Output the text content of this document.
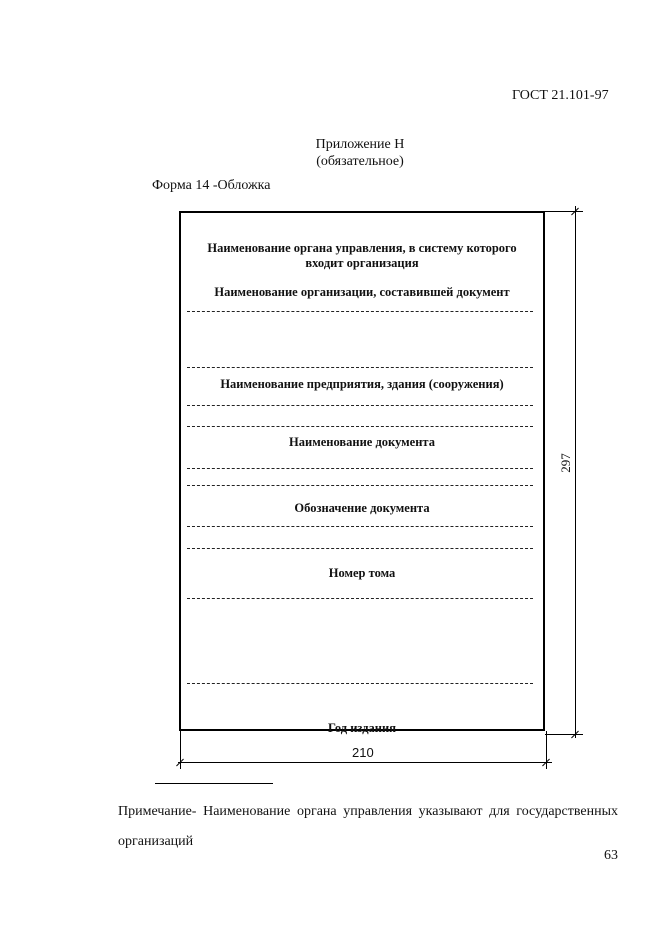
ГОСТ 21.101-97
Приложение Н
(обязательное)
Форма 14 -Обложка
Наименование органа управления, в систему которого входит организация
Наименование организации, составившей документ
Наименование предприятия, здания (сооружения)
Наименование документа
Обозначение документа
Номер тома
Год издания
297
210
Примечание- Наименование органа управления указывают для государственных организаций
63
